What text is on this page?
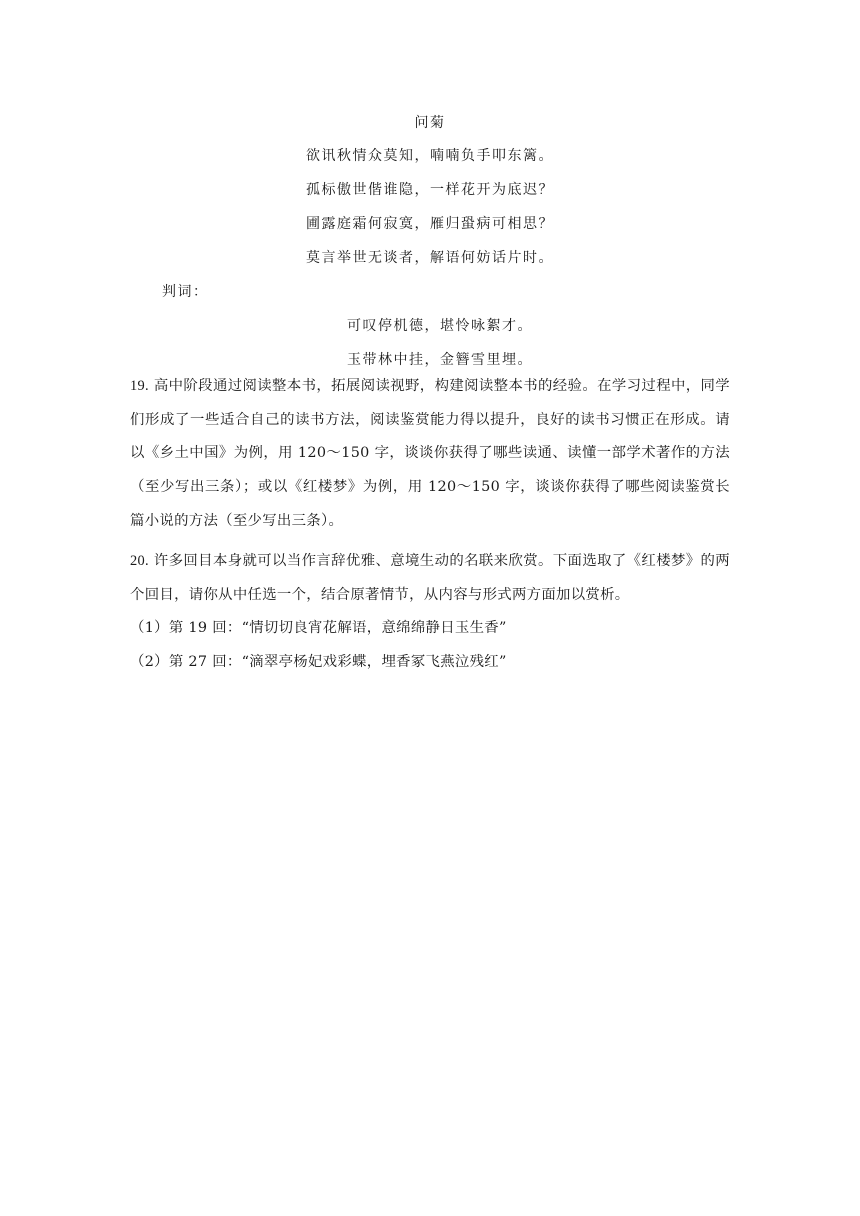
问菊
欲讯秋情众莫知，喃喃负手叩东篱。
孤标傲世偕谁隐，一样花开为底迟？
圃露庭霜何寂寞，雁归蛩病可相思？
莫言举世无谈者，解语何妨话片时。
判词：
可叹停机德，堪怜咏絮才。
玉带林中挂，金簪雪里埋。
19. 高中阶段通过阅读整本书，拓展阅读视野，构建阅读整本书的经验。在学习过程中，同学们形成了一些适合自己的读书方法，阅读鉴赏能力得以提升，良好的读书习惯正在形成。请以《乡土中国》为例，用 120～150 字，谈谈你获得了哪些读通、读懂一部学术著作的方法（至少写出三条）；或以《红楼梦》为例，用 120～150 字，谈谈你获得了哪些阅读鉴赏长篇小说的方法（至少写出三条）。
20. 许多回目本身就可以当作言辞优雅、意境生动的名联来欣赏。下面选取了《红楼梦》的两个回目，请你从中任选一个，结合原著情节，从内容与形式两方面加以赏析。
（1）第 19 回：“情切切良宵花解语，意绵绵静日玉生香”
（2）第 27 回：“滴翠亭杨妃戏彩蝶，埋香冢飞燕泣残红”
